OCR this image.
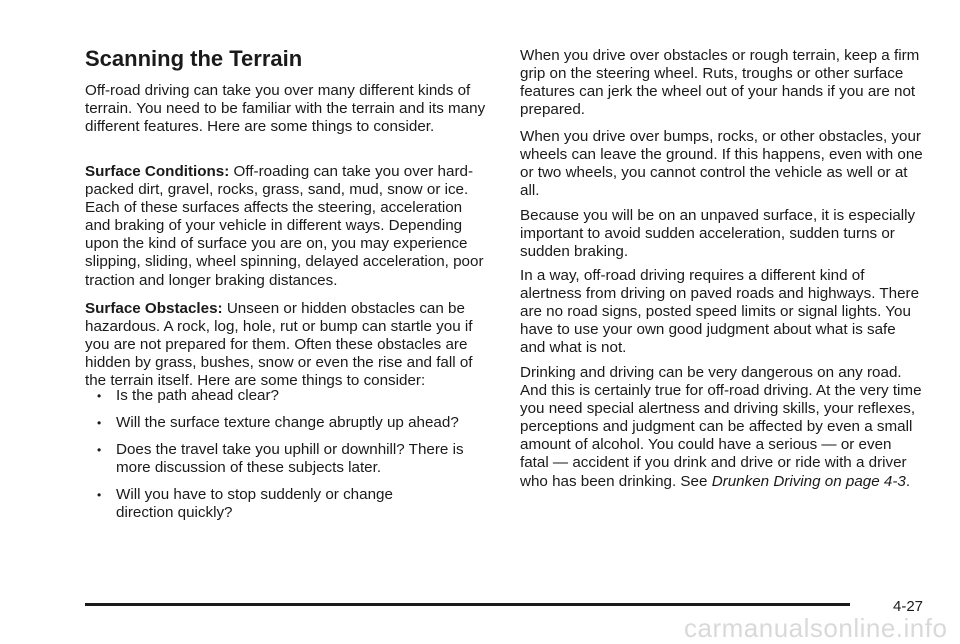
Scanning the Terrain

Off-road driving can take you over many different kinds of terrain. You need to be familiar with the terrain and its many different features. Here are some things to consider.

Surface Conditions: Off-roading can take you over hard-packed dirt, gravel, rocks, grass, sand, mud, snow or ice. Each of these surfaces affects the steering, acceleration and braking of your vehicle in different ways. Depending upon the kind of surface you are on, you may experience slipping, sliding, wheel spinning, delayed acceleration, poor traction and longer braking distances.

Surface Obstacles: Unseen or hidden obstacles can be hazardous. A rock, log, hole, rut or bump can startle you if you are not prepared for them. Often these obstacles are hidden by grass, bushes, snow or even the rise and fall of the terrain itself. Here are some things to consider:

• Is the path ahead clear?
• Will the surface texture change abruptly up ahead?
• Does the travel take you uphill or downhill? There is more discussion of these subjects later.
• Will you have to stop suddenly or change direction quickly?

When you drive over obstacles or rough terrain, keep a firm grip on the steering wheel. Ruts, troughs or other surface features can jerk the wheel out of your hands if you are not prepared.

When you drive over bumps, rocks, or other obstacles, your wheels can leave the ground. If this happens, even with one or two wheels, you cannot control the vehicle as well or at all.

Because you will be on an unpaved surface, it is especially important to avoid sudden acceleration, sudden turns or sudden braking.

In a way, off-road driving requires a different kind of alertness from driving on paved roads and highways. There are no road signs, posted speed limits or signal lights. You have to use your own good judgment about what is safe and what is not.

Drinking and driving can be very dangerous on any road. And this is certainly true for off-road driving. At the very time you need special alertness and driving skills, your reflexes, perceptions and judgment can be affected by even a small amount of alcohol. You could have a serious — or even fatal — accident if you drink and drive or ride with a driver who has been drinking. See Drunken Driving on page 4-3.

4-27
carmanualsonline.info
